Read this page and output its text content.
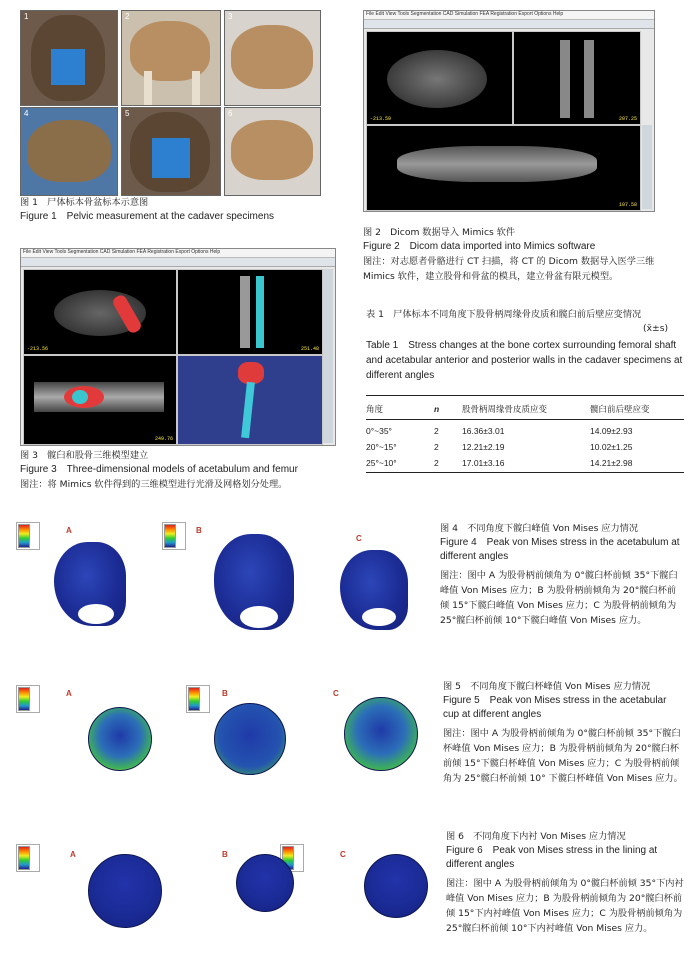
1	2	3
4	5	6
图 1　尸体标本骨盆标本示意图
Figure 1　Pelvic measurement at the cadaver specimens
File Edit View Tools Segmentation CAD Simulation FEA Registration Export Options Help
-213.59	207.25
107.58
图 2　Dicom 数据导入 Mimics 软件
Figure 2　Dicom data imported into Mimics software
图注：对志愿者骨骼进行 CT 扫描，将 CT 的 Dicom 数据导入医学三维 Mimics 软件，建立股骨和骨盆的模具，建立骨盆有限元模型。
File Edit View Tools Segmentation CAD Simulation FEA Registration Export Options Help
-213.56	251.48
249.76
图 3　髋臼和股骨三维模型建立
Figure 3　Three-dimensional models of acetabulum and femur
图注：将 Mimics 软件得到的三维模型进行光滑及网格划分处理。
表 1　尸体标本不同角度下股骨柄周缘骨皮质和髋臼前后壁应变情况
(x̄±s)
Table 1　Stress changes at the bone cortex surrounding femoral shaft and acetabular anterior and posterior walls in the cadaver specimens at different angles
角度	n	股骨柄周缘骨皮质应变	髋臼前后壁应变
0°~35°	2	16.36±3.01	14.09±2.93
20°~15°	2	12.21±2.19	10.02±1.25
25°~10°	2	17.01±3.16	14.21±2.98
A	B
C
图 4　不同角度下髋臼峰值 Von Mises 应力情况
Figure 4　Peak von Mises stress in the acetabulum at different angles
图注：图中 A 为股骨柄前倾角为 0°髋臼杯前倾 35°下髋臼峰值 Von Mises 应力；B 为股骨柄前倾角为 20°髋臼杯前倾 15°下髋臼峰值 Von Mises 应力；C 为股骨柄前倾角为 25°髋臼杯前倾 10°下髋臼峰值 Von Mises 应力。
A	B	C
图 5　不同角度下髋臼杯峰值 Von Mises 应力情况
Figure 5　Peak von Mises stress in the acetabular cup at different angles
图注：图中 A 为股骨柄前倾角为 0°髋臼杯前倾 35°下髋臼杯峰值 Von Mises 应力；B 为股骨柄前倾角为 20°髋臼杯前倾 15°下髋臼杯峰值 Von Mises 应力；C 为股骨柄前倾角为 25°髋臼杯前倾 10° 下髋臼杯峰值 Von Mises 应力。
A	B	C
图 6　不同角度下内衬 Von Mises 应力情况
Figure 6　Peak von Mises stress in the lining at different angles
图注：图中 A 为股骨柄前倾角为 0°髋臼杯前倾 35°下内衬峰值 Von Mises 应力；B 为股骨柄前倾角为 20°髋臼杯前倾 15°下内衬峰值 Von Mises 应力；C 为股骨柄前倾角为 25°髋臼杯前倾 10°下内衬峰值 Von Mises 应力。
